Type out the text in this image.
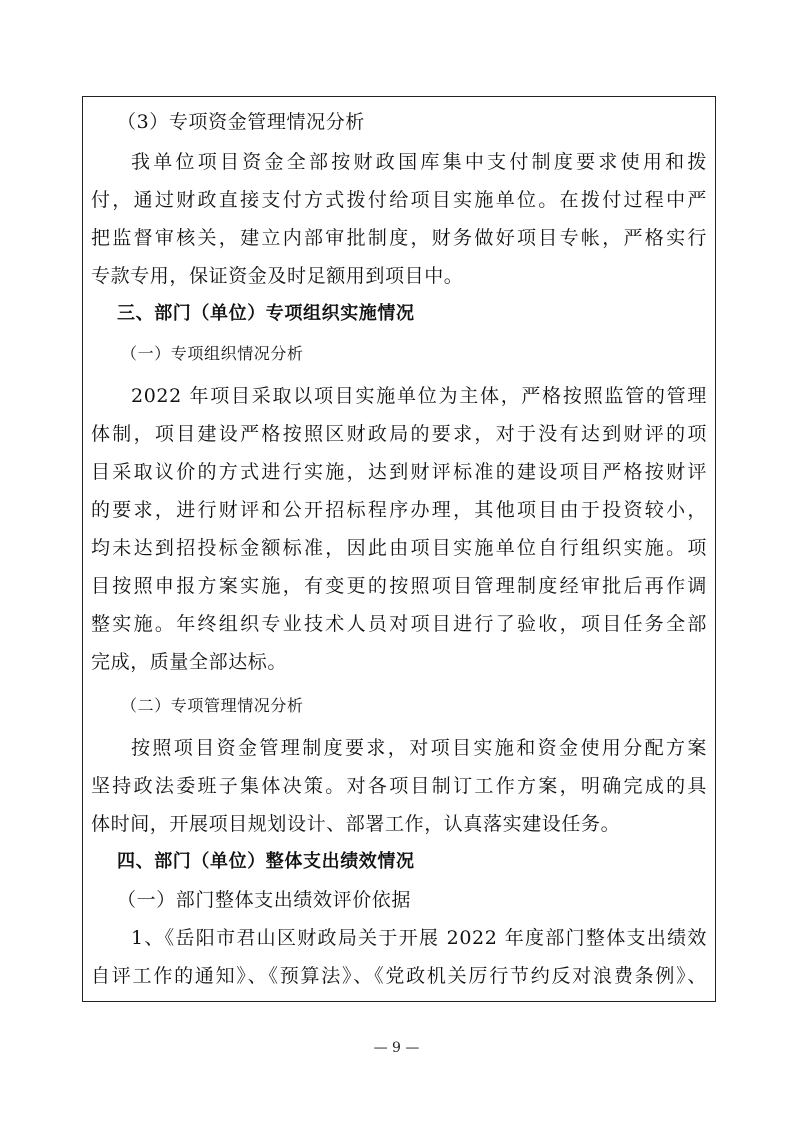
（3）专项资金管理情况分析
我单位项目资金全部按财政国库集中支付制度要求使用和拨
付，通过财政直接支付方式拨付给项目实施单位。在拨付过程中严
把监督审核关，建立内部审批制度，财务做好项目专帐，严格实行
专款专用，保证资金及时足额用到项目中。
三、部门（单位）专项组织实施情况
（一）专项组织情况分析
2022 年项目采取以项目实施单位为主体，严格按照监管的管理
体制，项目建设严格按照区财政局的要求，对于没有达到财评的项
目采取议价的方式进行实施，达到财评标准的建设项目严格按财评
的要求，进行财评和公开招标程序办理，其他项目由于投资较小，
均未达到招投标金额标准，因此由项目实施单位自行组织实施。项
目按照申报方案实施，有变更的按照项目管理制度经审批后再作调
整实施。年终组织专业技术人员对项目进行了验收，项目任务全部
完成，质量全部达标。
（二）专项管理情况分析
按照项目资金管理制度要求，对项目实施和资金使用分配方案
坚持政法委班子集体决策。对各项目制订工作方案，明确完成的具
体时间，开展项目规划设计、部署工作，认真落实建设任务。
四、部门（单位）整体支出绩效情况
（一）部门整体支出绩效评价依据
1、《岳阳市君山区财政局关于开展 2022 年度部门整体支出绩效
自评工作的通知》、《预算法》、《党政机关厉行节约反对浪费条例》、
— 9 —
